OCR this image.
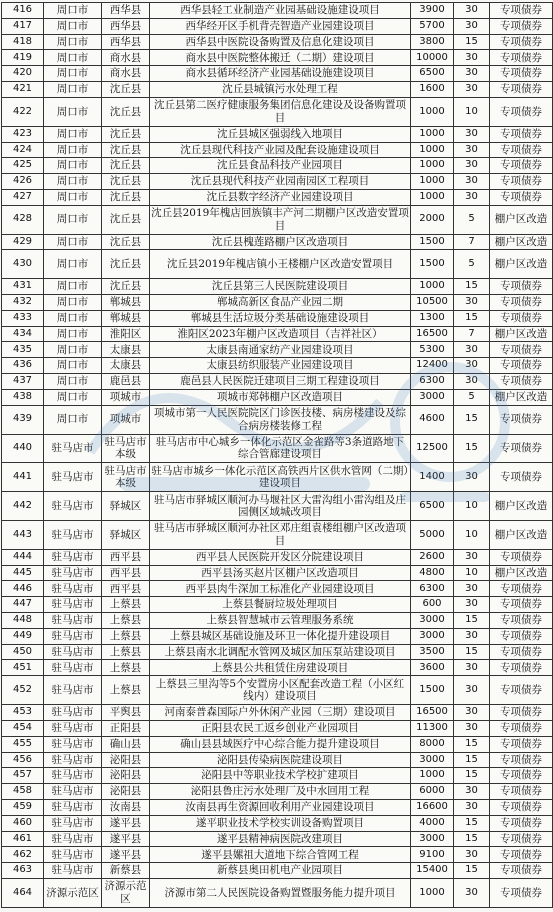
416	周口市	西华县	西华县轻工业制造产业园基础设施建设项目	3900	30	专项债券
417	周口市	西华县	西华经开区手机背壳智造产业园建设项目	5700	30	专项债券
418	周口市	西华县	西华县中医院设备购置及信息化建设项目	3800	15	专项债券
419	周口市	商水县	商水县中医院整体搬迁（二期）建设项目	10000	30	专项债券
420	周口市	商水县	商水县循环经济产业园基础设施建设项目	6500	30	专项债券
421	周口市	沈丘县	沈丘县城镇污水处理工程	1600	30	专项债券
422	周口市	沈丘县	沈丘县第二医疗健康服务集团信息化建设及设备购置项目	1000	10	专项债券
423	周口市	沈丘县	沈丘县城区强弱线入地项目	1000	30	专项债券
424	周口市	沈丘县	沈丘县现代科技产业园及配套设施建设项目	1000	30	专项债券
425	周口市	沈丘县	沈丘县食品科技产业园项目	1000	30	专项债券
426	周口市	沈丘县	沈丘县现代科技产业园南园区工程项目	1000	30	专项债券
427	周口市	沈丘县	沈丘县数字经济产业园建设项目	1000	30	专项债券
428	周口市	沈丘县	沈丘县2019年槐店回族镇丰产河二期棚户区改造安置项目	2000	5	棚户区改造
429	周口市	沈丘县	沈丘县槐莲路棚户区改造项目	1500	7	棚户区改造
430	周口市	沈丘县	沈丘县2019年槐店镇小王楼棚户区改造安置项目	1500	5	棚户区改造
431	周口市	沈丘县	沈丘县第三人民医院建设项目	1000	15	专项债券
432	周口市	郸城县	郸城高新区食品产业园二期	10500	30	专项债券
433	周口市	郸城县	郸城县生活垃圾分类基础设施建设项目	1300	15	专项债券
434	周口市	淮阳区	淮阳区2023年棚户区改造项目（吉祥社区）	16500	7	棚户区改造
435	周口市	太康县	太康县南通家纺产业园建设项目	5300	30	专项债券
436	周口市	太康县	太康县纺织服装产业园建设项目	12400	30	专项债券
437	周口市	鹿邑县	鹿邑县人民医院迁建项目三期工程建设项目	6300	30	专项债券
438	周口市	项城市	项城市郑韩棚户区改造项目	3000	5	棚户区改造
439	周口市	项城市	项城市第一人民医院院区门诊医技楼、病房楼建设及综合病房楼装修工程	4600	15	专项债券
440	驻马店市	驻马店市本级	驻马店市中心城乡一体化示范区金雀路等3条道路地下综合管廊建设项目	12500	15	专项债券
441	驻马店市	驻马店市本级	驻马店市城乡一体化示范区高铁西片区供水管网（二期）建设项目	1400	30	专项债券
442	驻马店市	驿城区	驻马店市驿城区顺河办马堰社区大雷沟组小雷沟组及庄园侧区域城改项目	6500	10	棚户区改造
443	驻马店市	驿城区	驻马店市驿城区顺河办社区邓庄组袁楼组棚户区改造项目	5000	10	棚户区改造
444	驻马店市	西平县	西平县人民医院开发区分院建设项目	2600	30	专项债券
445	驻马店市	西平县	西平县汤买赵片区棚户区改造项目	4800	10	棚户区改造
446	驻马店市	西平县	西平县肉牛深加工标准化产业园建设项目	6300	30	专项债券
447	驻马店市	上蔡县	上蔡县餐厨垃圾处理项目	600	30	专项债券
448	驻马店市	上蔡县	上蔡县智慧城市云管理服务系统	3000	15	专项债券
449	驻马店市	上蔡县	上蔡县城区基础设施及环卫一体化提升建设项目	3000	30	专项债券
450	驻马店市	上蔡县	上蔡县南水北调配水管网及城区加压泵站建设项目	3500	15	专项债券
451	驻马店市	上蔡县	上蔡县公共租赁住房建设项目	3600	30	专项债券
452	驻马店市	上蔡县	上蔡县三里沟等5个安置房小区配套改造工程（小区红线内）建设项目	1500	30	专项债券
453	驻马店市	平舆县	河南泰普森国际户外休闲产业园（三期）建设项目	16500	30	专项债券
454	驻马店市	正阳县	正阳县农民工返乡创业产业园项目	11300	30	专项债券
455	驻马店市	确山县	确山县县域医疗中心综合能力提升建设项目	8000	15	专项债券
456	驻马店市	泌阳县	泌阳县传染病医院建设项目	3000	15	专项债券
457	驻马店市	泌阳县	泌阳县中等职业技术学校扩建项目	1000	15	专项债券
458	驻马店市	泌阳县	泌阳县鲁庄污水处理厂及中水回用工程	6000	30	专项债券
459	驻马店市	汝南县	汝南县再生资源回收利用产业园建设项目	16600	30	专项债券
460	驻马店市	遂平县	遂平职业技术学校实训设备购置项目	4000	15	专项债券
461	驻马店市	遂平县	遂平县精神病医院改建项目	3000	15	专项债券
462	驻马店市	遂平县	遂平县嫘祖大道地下综合管网工程	9100	30	专项债券
463	驻马店市	新蔡县	新蔡县奥田机电产业园项目	15400	15	专项债券
464	济源示范区	济源示范区	济源市第二人民医院设备购置暨服务能力提升项目	1000	30	专项债券
